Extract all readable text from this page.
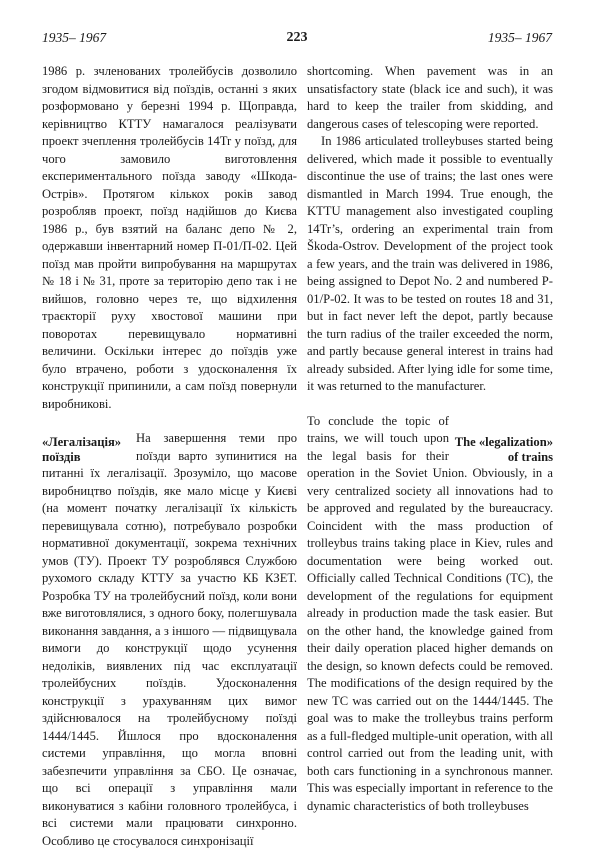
1935– 1967	223	1935– 1967

1986 р. зчленованих тролейбусів дозволило згодом відмовитися від поїздів, останні з яких розформовано у березні 1994 р. Щоправда, керівництво КТТУ намагалося реалізувати проект зчеплення тролейбусів 14Tr у поїзд, для чого замовило виготовлення експериментального поїзда заводу «Шкода-Острів». Протягом кількох років завод розробляв проект, поїзд надійшов до Києва 1986 р., був взятий на баланс депо № 2, одержавши інвентарний номер П-01/П-02. Цей поїзд мав пройти випробування на маршрутах № 18 і № 31, проте за територію депо так і не вийшов, головно через те, що відхилення траєкторії руху хвостової машини при поворотах перевищувало нормативні величини. Оскільки інтерес до поїздів уже було втрачено, роботи з удосконалення їх конструкції припинили, а сам поїзд повернули виробникові.

«Легалізація» поїздів

На завершення теми про поїзди варто зупинитися на питанні їх легалізації. Зрозуміло, що масове виробництво поїздів, яке мало місце у Києві (на момент початку легалізації їх кількість перевищувала сотню), потребувало розробки нормативної документації, зокрема технічних умов (ТУ). Проект ТУ розроблявся Службою рухомого складу КТТУ за участю КБ КЗЕТ. Розробка ТУ на тролейбусний поїзд, коли вони вже виготовлялися, з одного боку, полегшувала виконання завдання, а з іншого — підвищувала вимоги до конструкції щодо усунення недоліків, виявлених під час експлуатації тролейбусних поїздів. Удосконалення конструкції з урахуванням цих вимог здійснювалося на тролейбусному поїзді 1444/1445. Йшлося про вдосконалення системи управління, що могла вповні забезпечити управління за СБО. Це означає, що всі операції з управління мали виконуватися з кабіни головного тролейбуса, і всі системи мали працювати синхронно. Особливо це стосувалося синхронізації

shortcoming. When pavement was in an unsatisfactory state (black ice and such), it was hard to keep the trailer from skidding, and dangerous cases of telescoping were reported.

In 1986 articulated trolleybuses started being delivered, which made it possible to eventually discontinue the use of trains; the last ones were dismantled in March 1994. True enough, the KTTU management also investigated coupling 14Tr’s, ordering an experimental train from Škoda-Ostrov. Development of the project took a few years, and the train was delivered in 1986, being assigned to Depot No. 2 and numbered P-01/P-02. It was to be tested on routes 18 and 31, but in fact never left the depot, partly because the turn radius of the trailer exceeded the norm, and partly because general interest in trains had already subsided. After lying idle for some time, it was returned to the manufacturer.

The «legalization» of trains

To conclude the topic of trains, we will touch upon the legal basis for their operation in the Soviet Union. Obviously, in a very centralized society all innovations had to be approved and regulated by the bureaucracy. Coincident with the mass production of trolleybus trains taking place in Kiev, rules and documentation were being worked out. Officially called Technical Conditions (TC), the development of the regulations for equipment already in production made the task easier. But on the other hand, the knowledge gained from their daily operation placed higher demands on the design, so known defects could be removed. The modifications of the design required by the new TC was carried out on the 1444/1445. The goal was to make the trolleybus trains perform as a full-fledged multiple-unit operation, with all control carried out from the leading unit, with both cars functioning in a synchronous manner. This was especially important in reference to the dynamic characteristics of both trolleybuses
